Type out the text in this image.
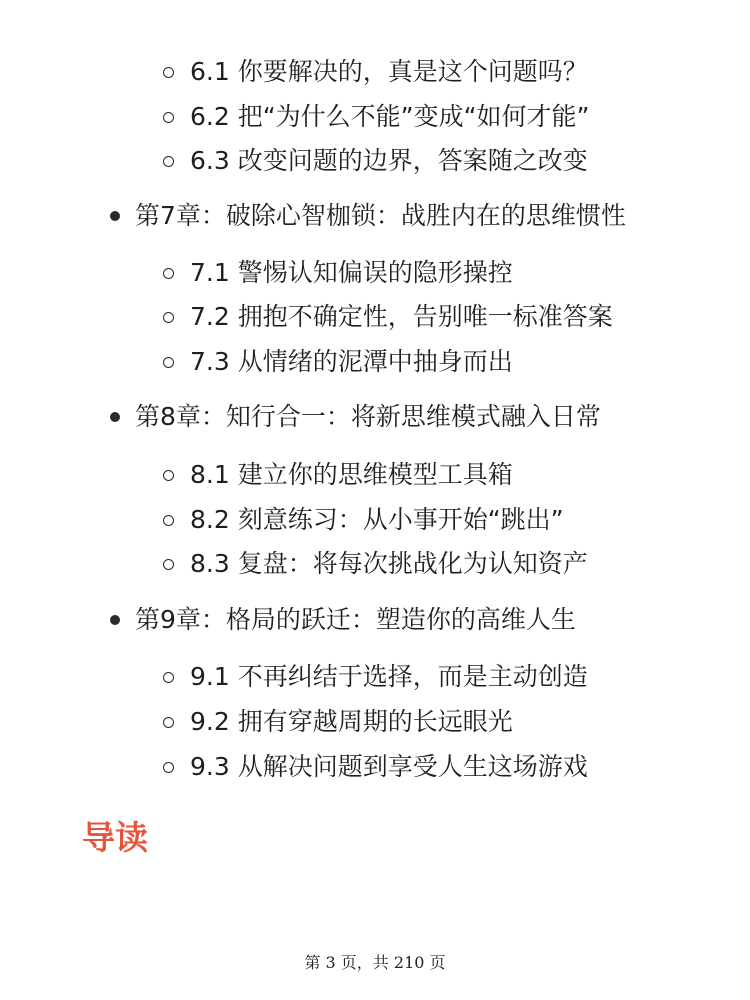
6.1 你要解决的，真是这个问题吗？
6.2 把“为什么不能”变成“如何才能”
6.3 改变问题的边界，答案随之改变
第7章：破除心智枷锁：战胜内在的思维惯性
7.1 警惕认知偏误的隐形操控
7.2 拥抱不确定性，告别唯一标准答案
7.3 从情绪的泥潭中抽身而出
第8章：知行合一：将新思维模式融入日常
8.1 建立你的思维模型工具箱
8.2 刻意练习：从小事开始“跳出”
8.3 复盘：将每次挑战化为认知资产
第9章：格局的跃迁：塑造你的高维人生
9.1 不再纠结于选择，而是主动创造
9.2 拥有穿越周期的长远眼光
9.3 从解决问题到享受人生这场游戏
导读
第 3 页，共 210 页
